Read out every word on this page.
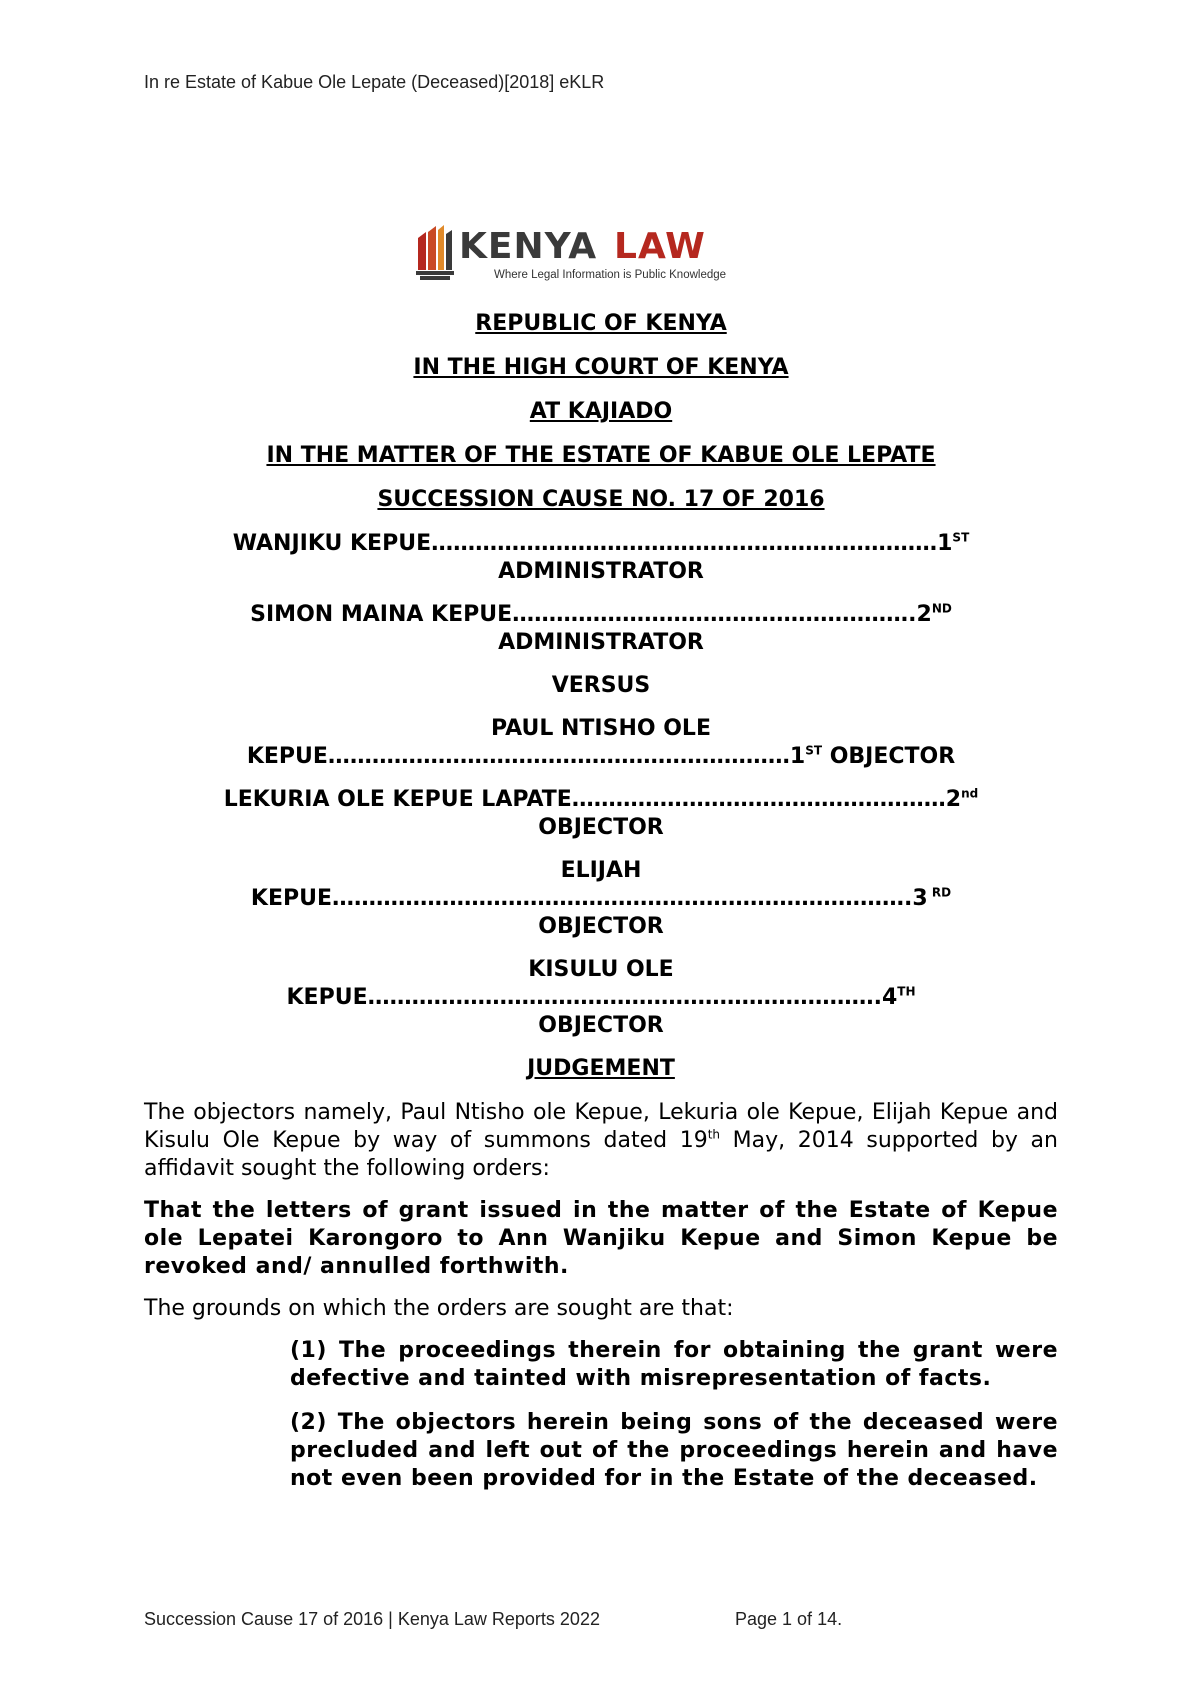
In re Estate of Kabue Ole Lepate (Deceased)[2018] eKLR
KENYA LAW
Where Legal Information is Public Knowledge

REPUBLIC OF KENYA

IN THE HIGH COURT OF KENYA

AT KAJIADO

IN THE MATTER OF THE ESTATE OF KABUE OLE LEPATE

SUCCESSION CAUSE NO. 17 OF 2016

WANJIKU KEPUE……………………………………………………………1ST
ADMINISTRATOR
SIMON MAINA KEPUE……………………………………………….2ND
ADMINISTRATOR
VERSUS
PAUL NTISHO OLE
KEPUE………………………………………………………1ST OBJECTOR
LEKURIA OLE KEPUE LAPATE……………………………………………2nd
OBJECTOR
ELIJAH
KEPUE…………………………………………………………………….3 $^{RD}$
OBJECTOR
KISULU OLE
KEPUE…………………………………………………………….4TH
OBJECTOR

JUDGEMENT

The objectors namely, Paul Ntisho ole Kepue, Lekuria ole Kepue, Elijah Kepue and Kisulu Ole Kepue by way of summons dated 19th May, 2014 supported by an affidavit sought the following orders:

That the letters of grant issued in the matter of the Estate of Kepue ole Lepatei Karongoro to Ann Wanjiku Kepue and Simon Kepue be revoked and/ annulled forthwith.

The grounds on which the orders are sought are that:

(1) The proceedings therein for obtaining the grant were defective and tainted with misrepresentation of facts.
(2) The objectors herein being sons of the deceased were precluded and left out of the proceedings herein and have not even been provided for in the Estate of the deceased.
Succession Cause 17 of 2016 | Kenya Law Reports 2022	Page 1 of 14.
